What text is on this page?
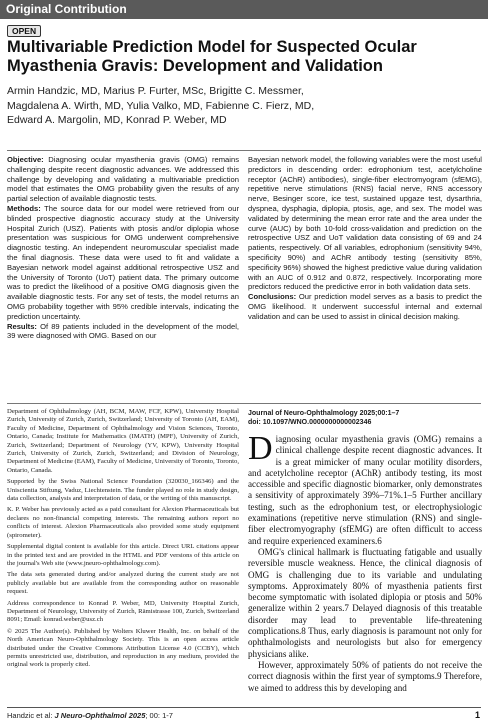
Original Contribution
OPEN
Multivariable Prediction Model for Suspected Ocular Myasthenia Gravis: Development and Validation
Armin Handzic, MD, Marius P. Furter, MSc, Brigitte C. Messmer,
Magdalena A. Wirth, MD, Yulia Valko, MD, Fabienne C. Fierz, MD,
Edward A. Margolin, MD, Konrad P. Weber, MD

Objective: Diagnosing ocular myasthenia gravis (OMG) remains challenging despite recent diagnostic advances. We addressed this challenge by developing and validating a multivariable prediction model that estimates the OMG probability given the results of any partial selection of available diagnostic tests.

Methods: The source data for our model were retrieved from our blinded prospective diagnostic accuracy study at the University Hospital Zurich (USZ). Patients with ptosis and/or diplopia whose presentation was suspicious for OMG underwent comprehensive diagnostic testing. An independent neuromuscular specialist made the final diagnosis. These data were used to fit and validate a Bayesian network model against additional retrospective USZ and the University of Toronto (UoT) patient data. The primary outcome was to predict the likelihood of a positive OMG diagnosis given the available diagnostic tests. For any set of tests, the model returns an OMG probability together with 95% credible intervals, indicating the prediction uncertainty.

Results: Of 89 patients included in the development of the model, 39 were diagnosed with OMG. Based on our

Bayesian network model, the following variables were the most useful predictors in descending order: edrophonium test, acetylcholine receptor (AChR) antibodies), single-fiber electromyogram (sfEMG), repetitive nerve stimulations (RNS) facial nerve, RNS accessory nerve, Besinger score, ice test, sustained upgaze test, dysarthria, dyspnea, dysphagia, diplopia, ptosis, age, and sex. The model was validated by determining the mean error rate and the area under the curve (AUC) by both 10-fold cross-validation and prediction on the retrospective USZ and UoT validation data consisting of 69 and 24 patients, respectively. Of all variables, edrophonium (sensitivity 94%, specificity 90%) and AChR antibody testing (sensitivity 85%, specificity 96%) showed the highest predictive value during validation with an AUC of 0.912 and 0.872, respectively. Incorporating more predictors reduced the predictive error in both validation data sets.

Conclusions: Our prediction model serves as a basis to predict the OMG likelihood. It underwent successful internal and external validation and can be used to assist in clinical decision making.

Journal of Neuro-Ophthalmology 2025;00:1–7
doi: 10.1097/WNO.0000000000002346

Department of Ophthalmology (AH, BCM, MAW, FCF, KPW), University Hospital Zurich, University of Zurich, Zurich, Switzerland; University of Toronto (AH, EAM), Faculty of Medicine, Department of Ophthalmology and Vision Sciences, Toronto, Ontario, Canada; Institute for Mathematics (IMATH) (MPF), University of Zurich, Zurich, Switzerland; Department of Neurology (YV, KPW), University Hospital Zurich, University of Zurich, Zurich, Switzerland; and Division of Neurology, Department of Medicine (EAM), Faculty of Medicine, University of Toronto, Toronto, Ontario, Canada.

Supported by the Swiss National Science Foundation (320030_166346) and the Uniscientia Stiftung, Vaduz, Liechtenstein. The funder played no role in study design, data collection, analysis and interpretation of data, or the writing of this manuscript.

K. P. Weber has previously acted as a paid consultant for Alexion Pharmaceuticals but declares no non-financial competing interests. The remaining authors report no conflicts of interest. Alexion Pharmaceuticals also provided some study equipment (spirometer).

Supplemental digital content is available for this article. Direct URL citations appear in the printed text and are provided in the HTML and PDF versions of this article on the journal's Web site (www.jneuro-ophthalmology.com).

The data sets generated during and/or analyzed during the current study are not publicly available but are available from the corresponding author on reasonable request.

Address correspondence to Konrad P. Weber, MD, University Hospital Zurich, Department of Neurology, University of Zurich, Rämistrasse 100, Zurich, Switzerland 8091; Email: konrad.weber@usz.ch

© 2025 The Author(s). Published by Wolters Kluwer Health, Inc. on behalf of the North American Neuro-Ophthalmology Society. This is an open access article distributed under the Creative Commons Attribution License 4.0 (CCBY), which permits unrestricted use, distribution, and reproduction in any medium, provided the original work is properly cited.

Diagnosing ocular myasthenia gravis (OMG) remains a clinical challenge despite recent diagnostic advances. It is a great mimicker of many ocular motility disorders, and acetylcholine receptor (AChR) antibody testing, its most accessible and specific diagnostic biomarker, only demonstrates a sensitivity of approximately 39%–71%.1–5 Further ancillary testing, such as the edrophonium test, or electrophysiologic examinations (repetitive nerve stimulation (RNS) and single-fiber electromyography (sfEMG) are often difficult to access and require experienced examiners.6

OMG's clinical hallmark is fluctuating fatigable and usually reversible muscle weakness. Hence, the clinical diagnosis of OMG is challenging due to its variable and undulating symptoms. Approximately 80% of myasthenia patients first become symptomatic with isolated diplopia or ptosis and 50% generalize within 2 years.7 Delayed diagnosis of this treatable disorder may lead to preventable life-threatening complications.8 Thus, early diagnosis is paramount not only for ophthalmologists and neurologists but also for emergency physicians alike.

However, approximately 50% of patients do not receive the correct diagnosis within the first year of symptoms.9 Therefore, we aimed to address this by developing and

Handzic et al: J Neuro-Ophthalmol 2025; 00: 1-7	1
